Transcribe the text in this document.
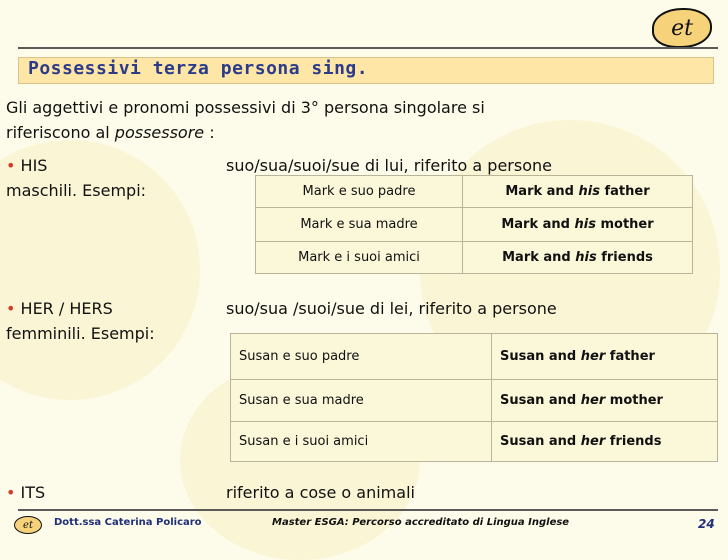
et
Possessivi terza persona sing.
Gli aggettivi e pronomi possessivi di 3° persona singolare si
riferiscono al possessore :
• HIS	suo/sua/suoi/sue di lui, riferito a persone
maschili. Esempi:	Mark e suo padre	Mark and his father
Mark e sua madre	Mark and his mother
Mark e i suoi amici	Mark and his friends
• HER / HERS	suo/sua /suoi/sue di lei, riferito a persone
femminili. Esempi:
Susan e suo padre	Susan and her father
Susan e sua madre	Susan and her mother
Susan e i suoi amici	Susan and her friends
• ITS	riferito a cose o animali
et Dott.ssa Caterina Policaro	Master ESGA: Percorso accreditato di Lingua Inglese	24
